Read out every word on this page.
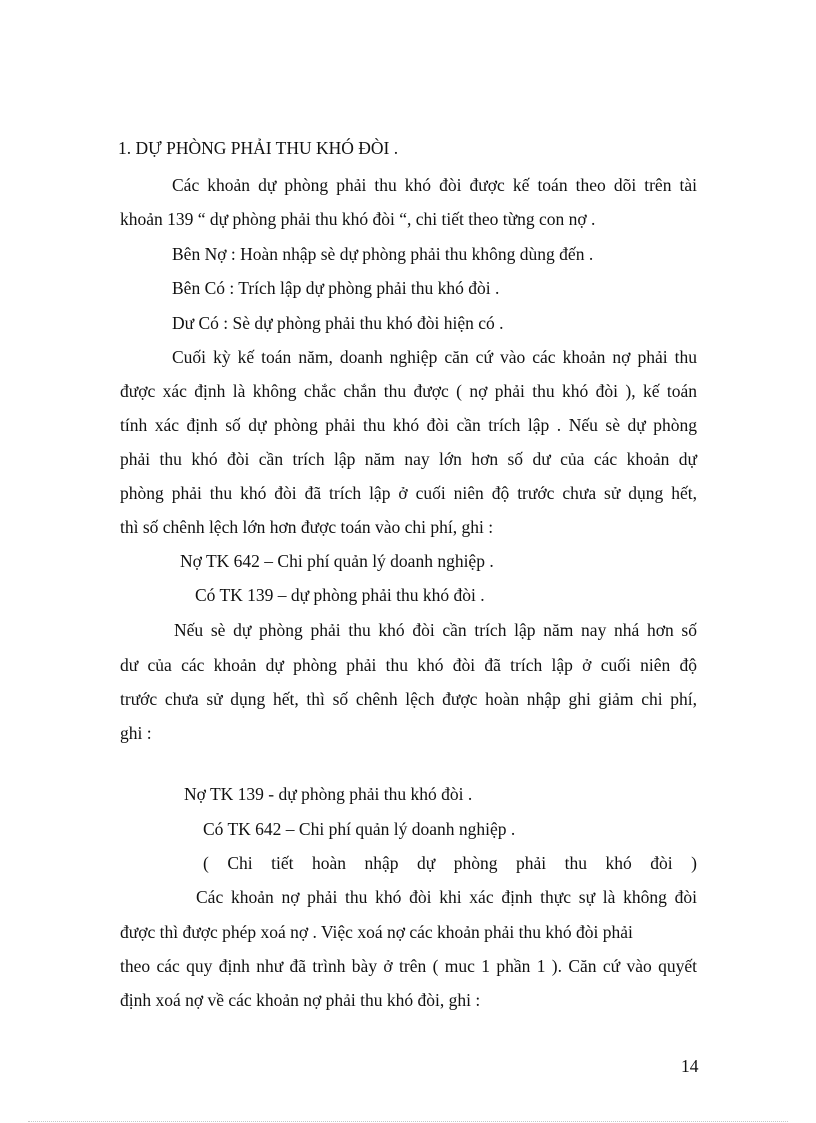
1. DỰ PHÒNG PHẢI THU KHÓ ĐÒI .

Các khoản dự phòng phải thu khó đòi được kế toán theo dõi trên tài

khoản 139 “ dự phòng phải thu khó đòi “, chi tiết theo từng con nợ .

Bên Nợ : Hoàn nhập sè dự phòng phải thu không dùng đến .

Bên Có : Trích lập dự phòng phải thu khó đòi .

Dư Có : Sè dự phòng phải thu khó đòi hiện có .

Cuối kỳ kế toán năm, doanh nghiệp căn cứ vào các khoản nợ phải thu

được xác định là không chắc chắn thu được ( nợ phải thu khó đòi ), kế toán

tính xác định số dự phòng phải thu khó đòi cần trích lập . Nếu sè dự phòng

phải thu khó đòi cần trích lập năm nay lớn hơn số dư của các khoản dự

phòng phải thu khó đòi đã trích lập ở cuối niên độ trước chưa sử dụng hết,

thì số chênh lệch lớn hơn được toán vào chi phí, ghi :

Nợ TK 642 – Chi phí quản lý doanh nghiệp .

Có TK 139 – dự phòng phải thu khó đòi .

Nếu sè dự phòng phải thu khó đòi cần trích lập năm nay nhá hơn số

dư của các khoản dự phòng phải thu khó đòi đã trích lập ở cuối niên độ

trước chưa sử dụng hết, thì số chênh lệch được hoàn nhập ghi giảm chi phí,

ghi :

Nợ TK 139 - dự phòng phải thu khó đòi .

Có TK 642 – Chi phí quản lý doanh nghiệp .

( Chi tiết hoàn nhập dự phòng phải thu khó đòi )

Các khoản nợ phải thu khó đòi khi xác định thực sự là không đòi

được thì được phép xoá nợ . Việc xoá nợ các khoản phải thu khó đòi phải

theo các quy định như đã trình bày ở trên ( muc 1 phần 1 ). Căn cứ vào quyết

định xoá nợ về các khoản nợ phải thu khó đòi, ghi :

14
